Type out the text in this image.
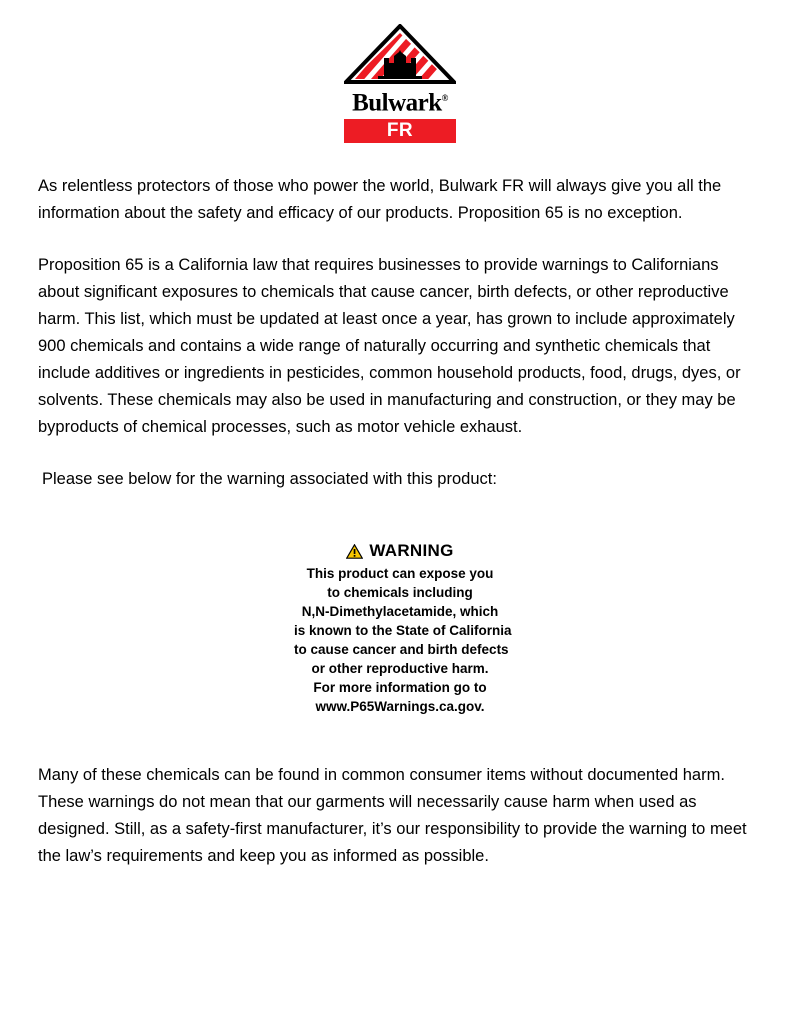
Bulwark®
FR

As relentless protectors of those who power the world, Bulwark FR will always give you all the information about the safety and efficacy of our products. Proposition 65 is no exception.

Proposition 65 is a California law that requires businesses to provide warnings to Californians about significant exposures to chemicals that cause cancer, birth defects, or other reproductive harm. This list, which must be updated at least once a year, has grown to include approximately 900 chemicals and contains a wide range of naturally occurring and synthetic chemicals that include additives or ingredients in pesticides, common household products, food, drugs, dyes, or solvents. These chemicals may also be used in manufacturing and construction, or they may be byproducts of chemical processes, such as motor vehicle exhaust.

Please see below for the warning associated with this product:

WARNING
This product can expose you
to chemicals including
N,N-Dimethylacetamide, which
is known to the State of California
to cause cancer and birth defects
or other reproductive harm.
For more information go to
www.P65Warnings.ca.gov.

Many of these chemicals can be found in common consumer items without documented harm. These warnings do not mean that our garments will necessarily cause harm when used as designed. Still, as a safety-first manufacturer, it’s our responsibility to provide the warning to meet the law’s requirements and keep you as informed as possible.
